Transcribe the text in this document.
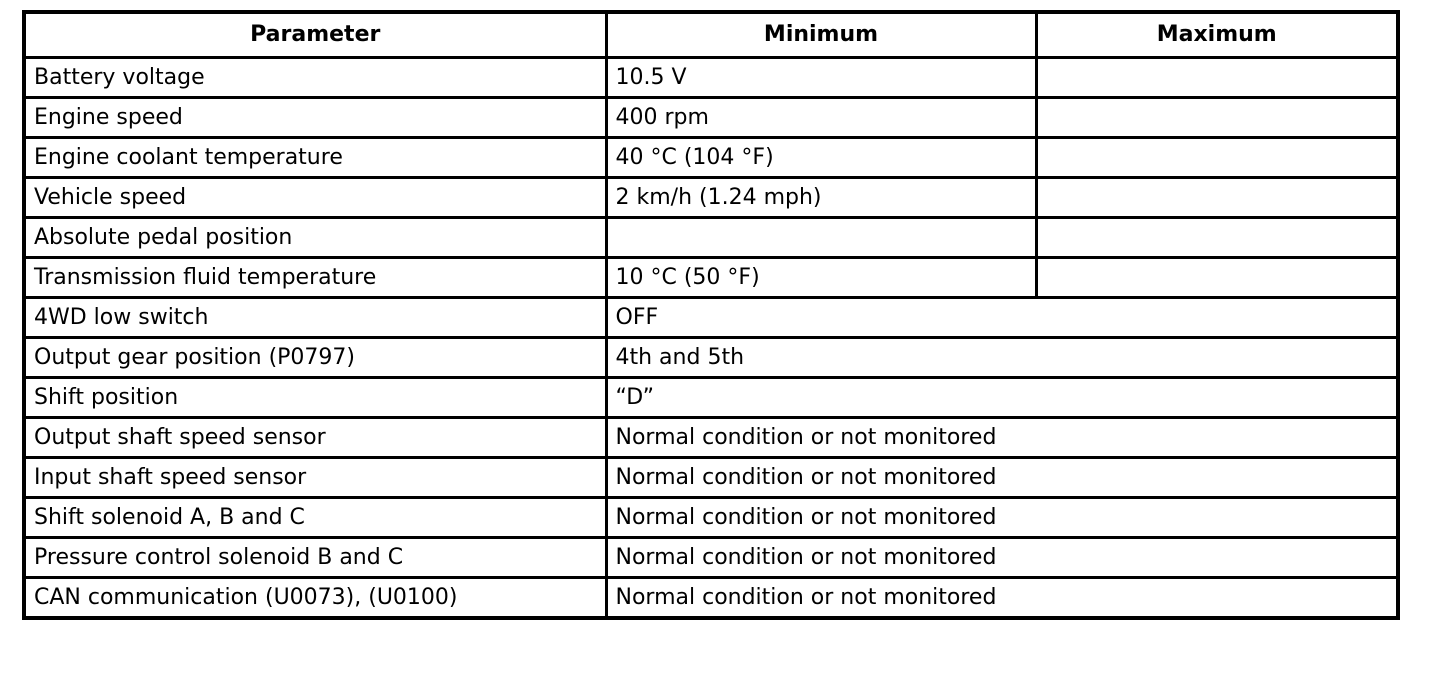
Parameter	Minimum	Maximum
Battery voltage	10.5 V	
Engine speed	400 rpm	
Engine coolant temperature	40 °C (104 °F)	
Vehicle speed	2 km/h (1.24 mph)	
Absolute pedal position		
Transmission fluid temperature	10 °C (50 °F)	
4WD low switch	OFF	
Output gear position (P0797)	4th and 5th	
Shift position	“D”	
Output shaft speed sensor	Normal condition or not monitored	
Input shaft speed sensor	Normal condition or not monitored	
Shift solenoid A, B and C	Normal condition or not monitored	
Pressure control solenoid B and C	Normal condition or not monitored	
CAN communication (U0073), (U0100)	Normal condition or not monitored	
